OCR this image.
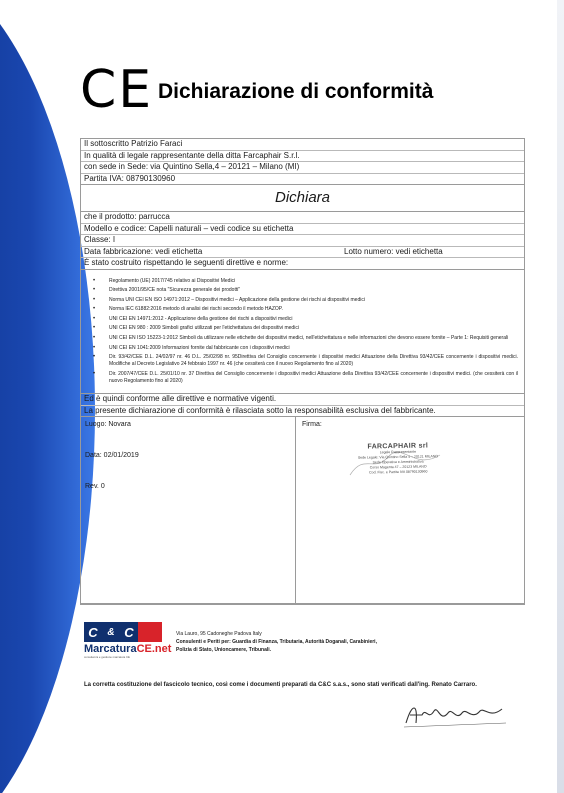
CE Dichiarazione di conformità
Il sottoscritto Patrizio Faraci
In qualità di legale rappresentante della ditta Farcaphair S.r.l.
con sede in Sede: via Quintino Sella,4 – 20121 – Milano (MI)
Partita IVA: 08790130960
Dichiara
che il prodotto: parrucca
Modello e codice: Capelli naturali – vedi codice su etichetta
Classe: I
Data fabbricazione: vedi etichetta	Lotto numero: vedi etichetta
È stato costruito rispettando le seguenti direttive e norme:
• Regolamento (UE) 2017/745 relativo ai Dispositivi Medici
• Direttiva 2001/95/CE nota "Sicurezza generale dei prodotti"
• Norma UNI CEI EN ISO 14971:2012 – Dispositivi medici – Applicazione della gestione dei rischi ai dispositivi medici
• Norma IEC 61882:2016 metodo di analisi dei rischi secondo il metodo HAZOP.
• UNI CEI EN 14971:2012 - Applicazione della gestione dei rischi a dispositivi medici
• UNI CEI EN 980 : 2009 Simboli grafici utilizzati per l'etichettatura dei dispositivi medici
• UNI CEI EN ISO 15223-1:2012 Simboli da utilizzare nelle etichette dei dispositivi medici, nell'etichettatura e nelle informazioni che devono essere fornite – Parte 1: Requisiti generali
• UNI CEI EN 1041:2009 Informazioni fornite dal fabbricante con i dispositivi medici
• Dir. 93/42/CEE D.L. 24/02/97 nr. 46 D.L. 25/02/98 nr. 95Direttiva del Consiglio concernente i dispositivi medici Attuazione della Direttiva 93/42/CEE concernente i dispositivi medici. Modifiche al Decreto Legislativo 24 febbraio 1997 nr. 46 (che cessiterà con il nuovo Regolamento fino al 2020)
• Dir. 2007/47/CEE D.L. 25/01/10 nr. 37 Direttiva del Consiglio concernente i dispositivi medici Attuazione della Direttiva 93/42/CEE concernente i dispositivi medici. (che cessiterà con il nuovo Regolamento fino al 2020)
Ed è quindi conforme alle direttive e normative vigenti.
La presente dichiarazione di conformità è rilasciata sotto la responsabilità esclusiva del fabbricante.
Luogo: Novara
Data: 02/01/2019
Rev. 0
Firma:
FARCAPHAIR srl
Legale Rappresentante
Sede Legale: Via Quintino Sella 4 – 20121 MILANO
Sede Operativa e Amministrativa
Corso Magenta 47 – 20123 MILANO
Cod. Fisc. e Partita IVA 08790130960
C & C
MarcaturaCE.net
consulenza e gestione marcatura CE
Via Lauro, 95 Cadoneghe Padova Italy
Consulenti e Periti per: Guardia di Finanza, Tributaria, Autorità Doganali, Carabinieri,
Polizia di Stato, Unioncamere, Tribunali.
La corretta costituzione del fascicolo tecnico, così come i documenti preparati da C&C s.a.s., sono stati verificati dall'ing. Renato Carraro.
